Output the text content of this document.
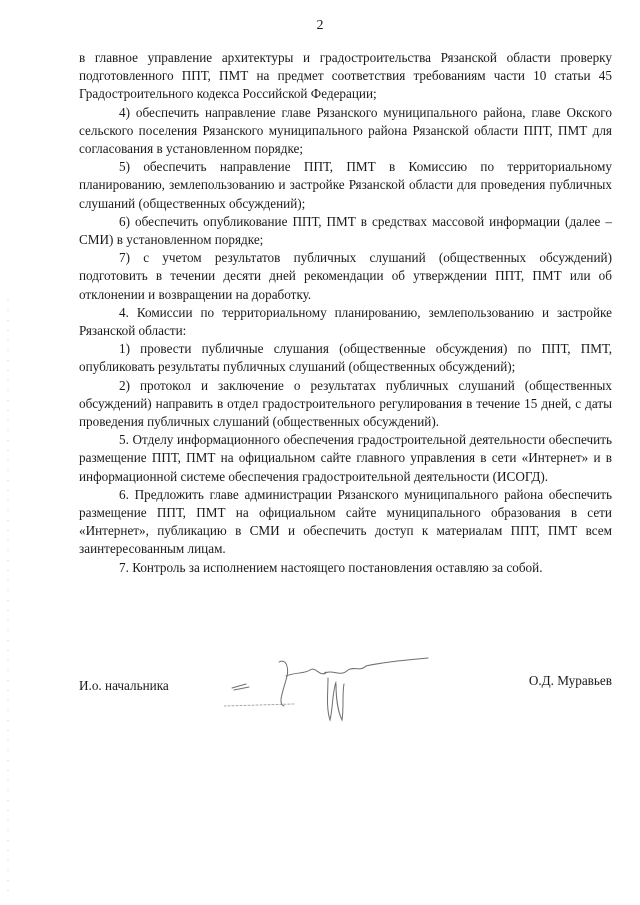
2

в главное управление архитектуры и градостроительства Рязанской области проверку подготовленного ППТ, ПМТ на предмет соответствия требованиям части 10 статьи 45 Градостроительного кодекса Российской Федерации;

4) обеспечить направление главе Рязанского муниципального района, главе Окского сельского поселения Рязанского муниципального района Рязанской области ППТ, ПМТ для согласования в установленном порядке;

5) обеспечить направление ППТ, ПМТ в Комиссию по территориальному планированию, землепользованию и застройке Рязанской области для проведения публичных слушаний (общественных обсуждений);

6) обеспечить опубликование ППТ, ПМТ в средствах массовой информации (далее – СМИ) в установленном порядке;

7) с учетом результатов публичных слушаний (общественных обсуждений) подготовить в течении десяти дней рекомендации об утверждении ППТ, ПМТ или об отклонении и возвращении на доработку.

4. Комиссии по территориальному планированию, землепользованию и застройке Рязанской области:

1) провести публичные слушания (общественные обсуждения) по ППТ, ПМТ, опубликовать результаты публичных слушаний (общественных обсуждений);

2) протокол и заключение о результатах публичных слушаний (общественных обсуждений) направить в отдел градостроительного регулирования в течение 15 дней, с даты проведения публичных слушаний (общественных обсуждений).

5. Отделу информационного обеспечения градостроительной деятельности обеспечить размещение ППТ, ПМТ на официальном сайте главного управления в сети «Интернет» и в информационной системе обеспечения градостроительной деятельности (ИСОГД).

6. Предложить главе администрации Рязанского муниципального района обеспечить размещение ППТ, ПМТ на официальном сайте муниципального образования в сети «Интернет», публикацию в СМИ и обеспечить доступ к материалам ППТ, ПМТ всем заинтересованным лицам.

7. Контроль за исполнением настоящего постановления оставляю за собой.

И.о. начальника	О.Д. Муравьев
